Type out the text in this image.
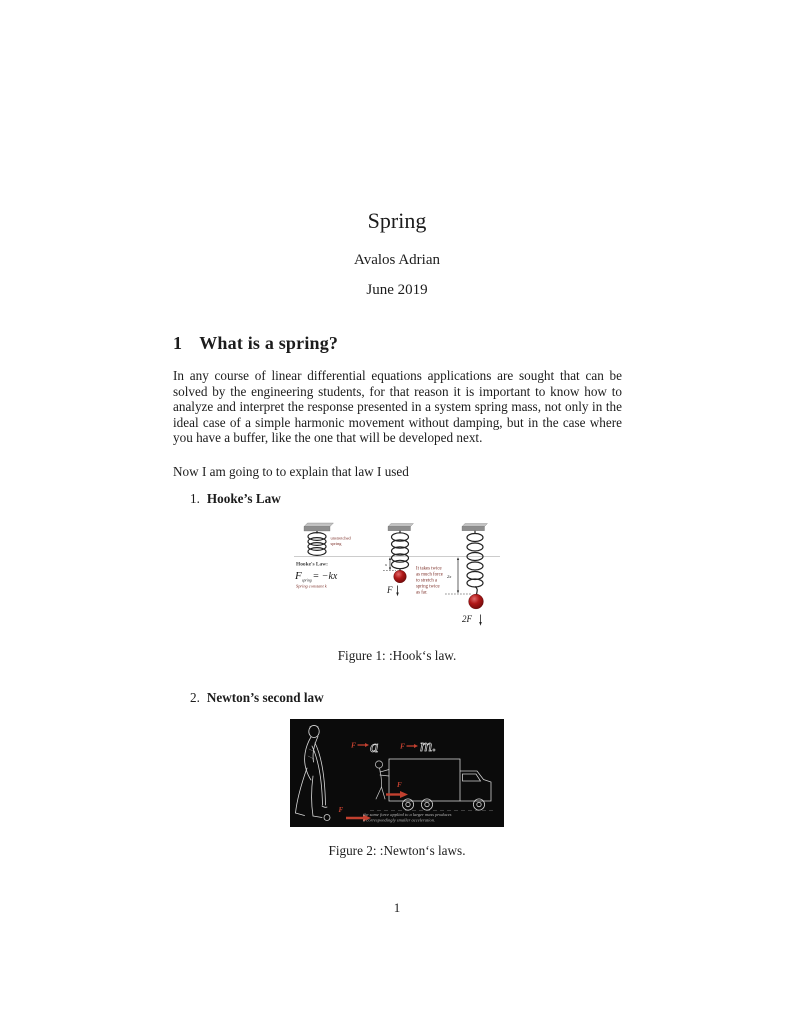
Spring
Avalos Adrian
June 2019
1 What is a spring?
In any course of linear differential equations applications are sought that can be solved by the engineering students, for that reason it is important to know how to analyze and interpret the response presented in a system spring mass, not only in the ideal case of a simple harmonic movement without damping, but in the case where you have a buffer, like the one that will be developed next.
Now I am going to to explain that law I used
1. Hooke’s Law
unstretched
spring
Hooke's Law:
F spring = −kx
Spring constant k
x
F
It takes twice
as much force
to stretch a
spring twice
as far.
2x
2F
Figure 1: :Hook‘s law.
2. Newton’s second law
F
F a	F m.
F
the same force applied to a larger mass produces
a correspondingly smaller acceleration.
Figure 2: :Newton‘s laws.
1
